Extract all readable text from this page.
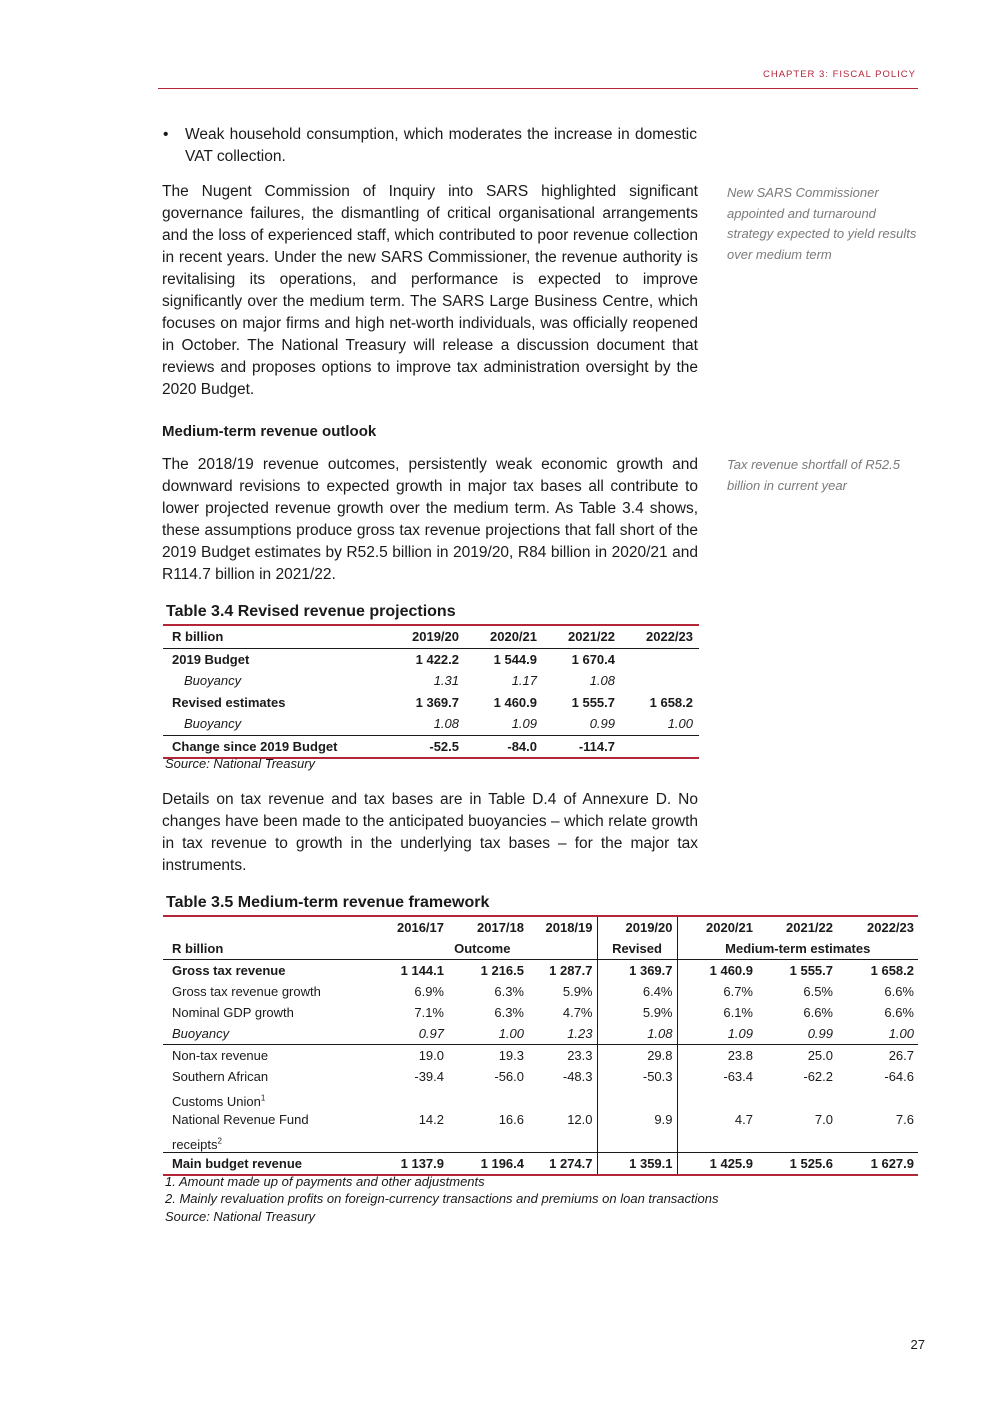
CHAPTER 3: FISCAL POLICY
• Weak household consumption, which moderates the increase in domestic VAT collection.
The Nugent Commission of Inquiry into SARS highlighted significant governance failures, the dismantling of critical organisational arrangements and the loss of experienced staff, which contributed to poor revenue collection in recent years. Under the new SARS Commissioner, the revenue authority is revitalising its operations, and performance is expected to improve significantly over the medium term. The SARS Large Business Centre, which focuses on major firms and high net-worth individuals, was officially reopened in October. The National Treasury will release a discussion document that reviews and proposes options to improve tax administration oversight by the 2020 Budget.
New SARS Commissioner appointed and turnaround strategy expected to yield results over medium term
Medium-term revenue outlook
The 2018/19 revenue outcomes, persistently weak economic growth and downward revisions to expected growth in major tax bases all contribute to lower projected revenue growth over the medium term. As Table 3.4 shows, these assumptions produce gross tax revenue projections that fall short of the 2019 Budget estimates by R52.5 billion in 2019/20, R84 billion in 2020/21 and R114.7 billion in 2021/22.
Tax revenue shortfall of R52.5 billion in current year
Table 3.4 Revised revenue projections
R billion	2019/20	2020/21	2021/22	2022/23
2019 Budget	1 422.2	1 544.9	1 670.4	
Buoyancy	1.31	1.17	1.08	
Revised estimates	1 369.7	1 460.9	1 555.7	1 658.2
Buoyancy	1.08	1.09	0.99	1.00
Change since 2019 Budget	-52.5	-84.0	-114.7	
Source: National Treasury
Details on tax revenue and tax bases are in Table D.4 of Annexure D. No changes have been made to the anticipated buoyancies – which relate growth in tax revenue to growth in the underlying tax bases – for the major tax instruments.
Table 3.5 Medium-term revenue framework
	2016/17	2017/18	2018/19	2019/20	2020/21	2021/22	2022/23
R billion	Outcome			Revised	Medium-term estimates		
Gross tax revenue	1 144.1	1 216.5	1 287.7	1 369.7	1 460.9	1 555.7	1 658.2
Gross tax revenue growth	6.9%	6.3%	5.9%	6.4%	6.7%	6.5%	6.6%
Nominal GDP growth	7.1%	6.3%	4.7%	5.9%	6.1%	6.6%	6.6%
Buoyancy	0.97	1.00	1.23	1.08	1.09	0.99	1.00
Non-tax revenue	19.0	19.3	23.3	29.8	23.8	25.0	26.7
Southern African	-39.4	-56.0	-48.3	-50.3	-63.4	-62.2	-64.6
Customs Union$^1$							
National Revenue Fund	14.2	16.6	12.0	9.9	4.7	7.0	7.6
receipts$^2$							
Main budget revenue	1 137.9	1 196.4	1 274.7	1 359.1	1 425.9	1 525.6	1 627.9
1. Amount made up of payments and other adjustments
2. Mainly revaluation profits on foreign-currency transactions and premiums on loan transactions
Source: National Treasury
27
